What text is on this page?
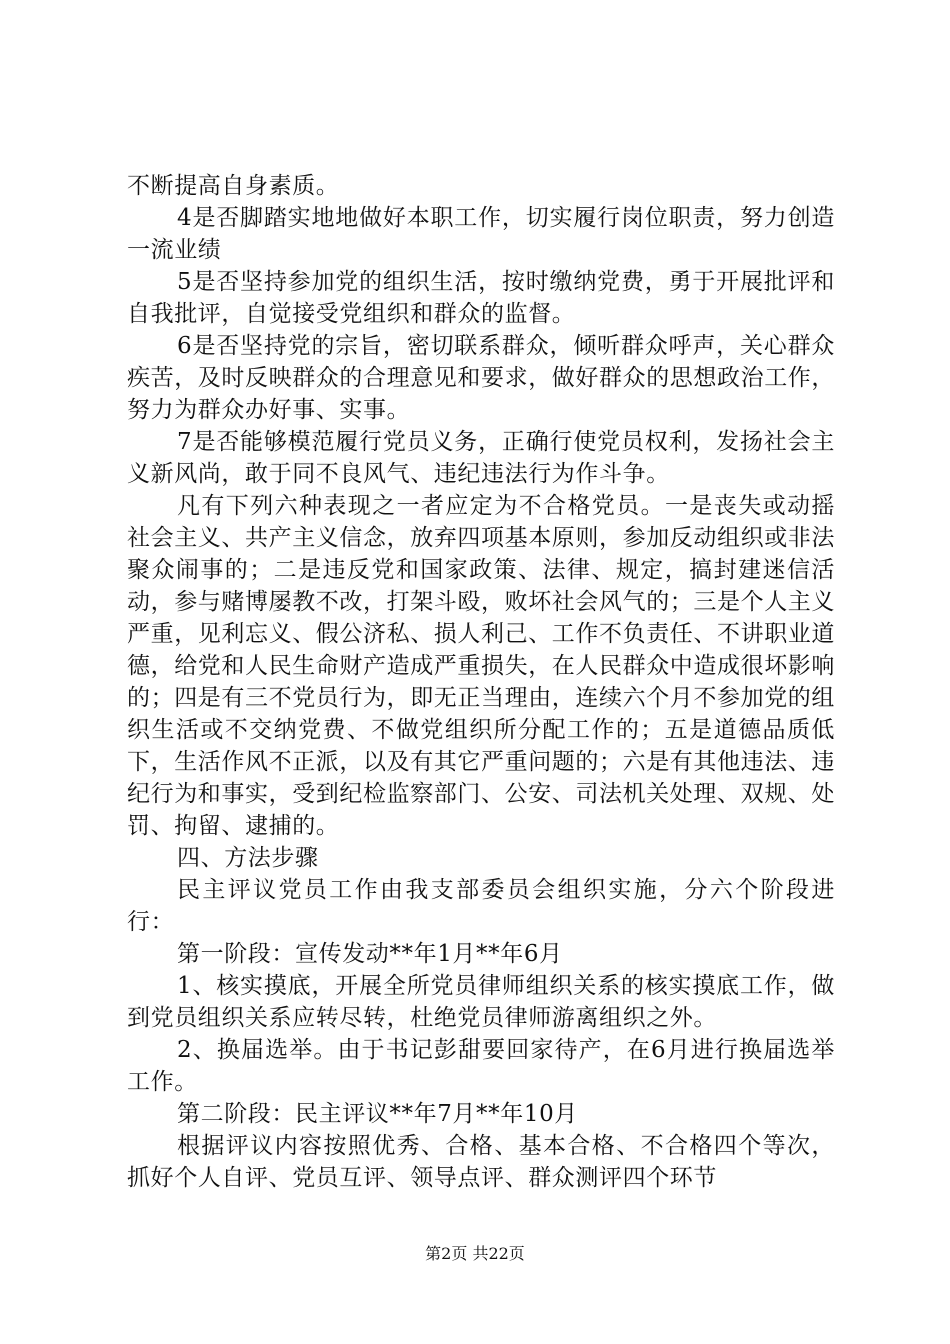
不断提高自身素质。

4是否脚踏实地地做好本职工作，切实履行岗位职责，努力创造一流业绩

5是否坚持参加党的组织生活，按时缴纳党费，勇于开展批评和自我批评，自觉接受党组织和群众的监督。

6是否坚持党的宗旨，密切联系群众，倾听群众呼声，关心群众疾苦，及时反映群众的合理意见和要求，做好群众的思想政治工作，努力为群众办好事、实事。

7是否能够模范履行党员义务，正确行使党员权利，发扬社会主义新风尚，敢于同不良风气、违纪违法行为作斗争。

凡有下列六种表现之一者应定为不合格党员。一是丧失或动摇社会主义、共产主义信念，放弃四项基本原则，参加反动组织或非法聚众闹事的；二是违反党和国家政策、法律、规定，搞封建迷信活动，参与赌博屡教不改，打架斗殴，败坏社会风气的；三是个人主义严重，见利忘义、假公济私、损人利己、工作不负责任、不讲职业道德，给党和人民生命财产造成严重损失，在人民群众中造成很坏影响的；四是有三不党员行为，即无正当理由，连续六个月不参加党的组织生活或不交纳党费、不做党组织所分配工作的；五是道德品质低下，生活作风不正派，以及有其它严重问题的；六是有其他违法、违纪行为和事实，受到纪检监察部门、公安、司法机关处理、双规、处罚、拘留、逮捕的。

四、方法步骤

民主评议党员工作由我支部委员会组织实施，分六个阶段进行：

第一阶段：宣传发动**年1月**年6月

1、核实摸底，开展全所党员律师组织关系的核实摸底工作，做到党员组织关系应转尽转，杜绝党员律师游离组织之外。

2、换届选举。由于书记彭甜要回家待产，在6月进行换届选举工作。

第二阶段：民主评议**年7月**年10月

根据评议内容按照优秀、合格、基本合格、不合格四个等次，抓好个人自评、党员互评、领导点评、群众测评四个环节

第2页 共22页
